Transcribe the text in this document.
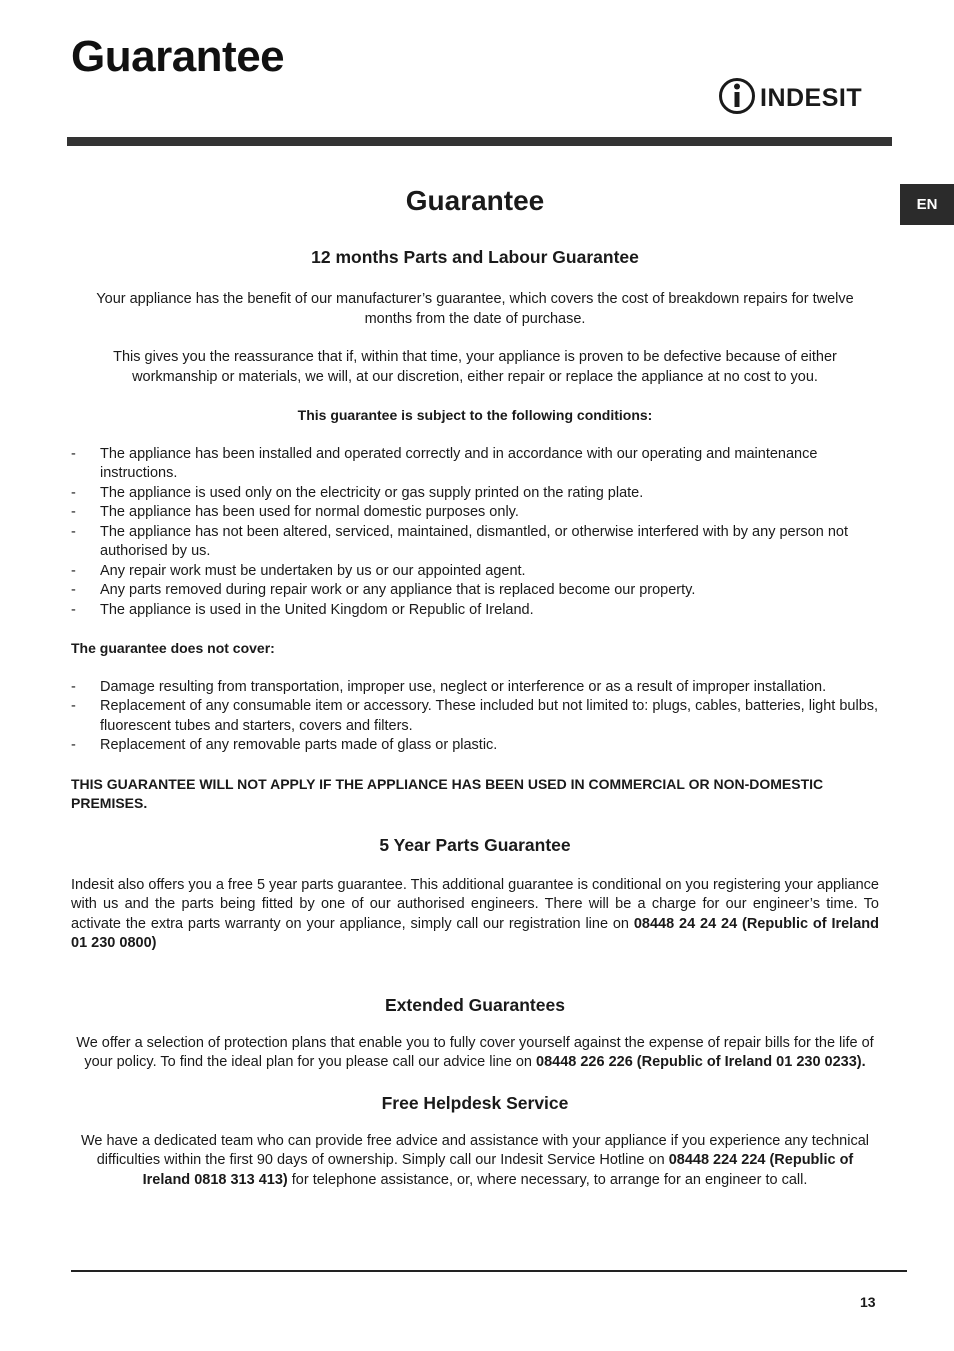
Guarantee
INDESIT
EN
Guarantee
12 months Parts and Labour Guarantee

Your appliance has the benefit of our manufacturer’s guarantee, which covers the cost of breakdown repairs for twelve months from the date of purchase.

This gives you the reassurance that if, within that time, your appliance is proven to be defective because of either workmanship or materials, we will, at our discretion, either repair or replace the appliance at no cost to you.

This guarantee is subject to the following conditions:

- The appliance has been installed and operated correctly and in accordance with our operating and maintenance instructions.
- The appliance is used only on the electricity or gas supply printed on the rating plate.
- The appliance has been used for normal domestic purposes only.
- The appliance has not been altered, serviced, maintained, dismantled, or otherwise interfered with by any person not authorised by us.
- Any repair work must be undertaken by us or our appointed agent.
- Any parts removed during repair work or any appliance that is replaced become our property.
- The appliance is used in the United Kingdom or Republic of Ireland.

The guarantee does not cover:

- Damage resulting from transportation, improper use, neglect or interference or as a result of improper installation.
- Replacement of any consumable item or accessory. These included but not limited to: plugs, cables, batteries, light bulbs, fluorescent tubes and starters, covers and filters.
- Replacement of any removable parts made of glass or plastic.

THIS GUARANTEE WILL NOT APPLY IF THE APPLIANCE HAS BEEN USED IN COMMERCIAL OR NON-DOMESTIC PREMISES.

5 Year Parts Guarantee

Indesit also offers you a free 5 year parts guarantee. This additional guarantee is conditional on you registering your appliance with us and the parts being fitted by one of our authorised engineers. There will be a charge for our engineer’s time. To activate the extra parts warranty on your appliance, simply call our registration line on 08448 24 24 24 (Republic of Ireland 01 230 0800)

Extended Guarantees

We offer a selection of protection plans that enable you to fully cover yourself against the expense of repair bills for the life of your policy. To find the ideal plan for you please call our advice line on 08448 226 226 (Republic of Ireland 01 230 0233).

Free Helpdesk Service

We have a dedicated team who can provide free advice and assistance with your appliance if you experience any technical difficulties within the first 90 days of ownership. Simply call our Indesit Service Hotline on 08448 224 224 (Republic of Ireland 0818 313 413) for telephone assistance, or, where necessary, to arrange for an engineer to call.

13
